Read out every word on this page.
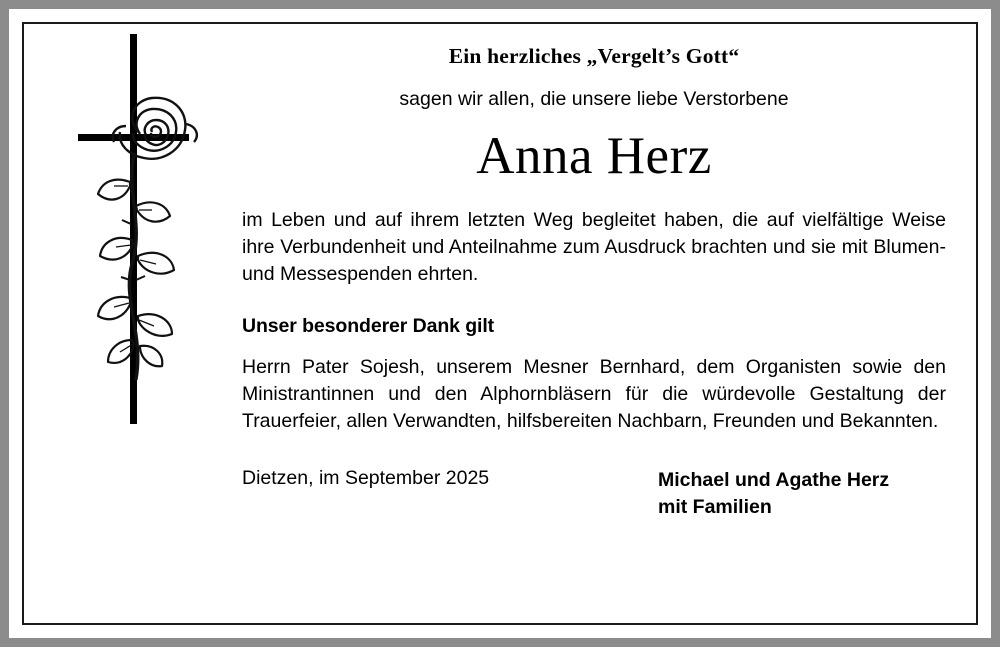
Ein herzliches „Vergelt’s Gott“
sagen wir allen, die unsere liebe Verstorbene
Anna Herz
im Leben und auf ihrem letzten Weg begleitet haben, die auf vielfältige Weise ihre Verbundenheit und Anteilnahme zum Ausdruck brachten und sie mit Blumen- und Messespenden ehrten.
Unser besonderer Dank gilt
Herrn Pater Sojesh, unserem Mesner Bernhard, dem Organisten sowie den Ministrantinnen und den Alphornbläsern für die würdevolle Gestaltung der Trauerfeier, allen Verwandten, hilfsbereiten Nachbarn, Freunden und Bekannten.
Dietzen, im September 2025	Michael und Agathe Herz
mit Familien
